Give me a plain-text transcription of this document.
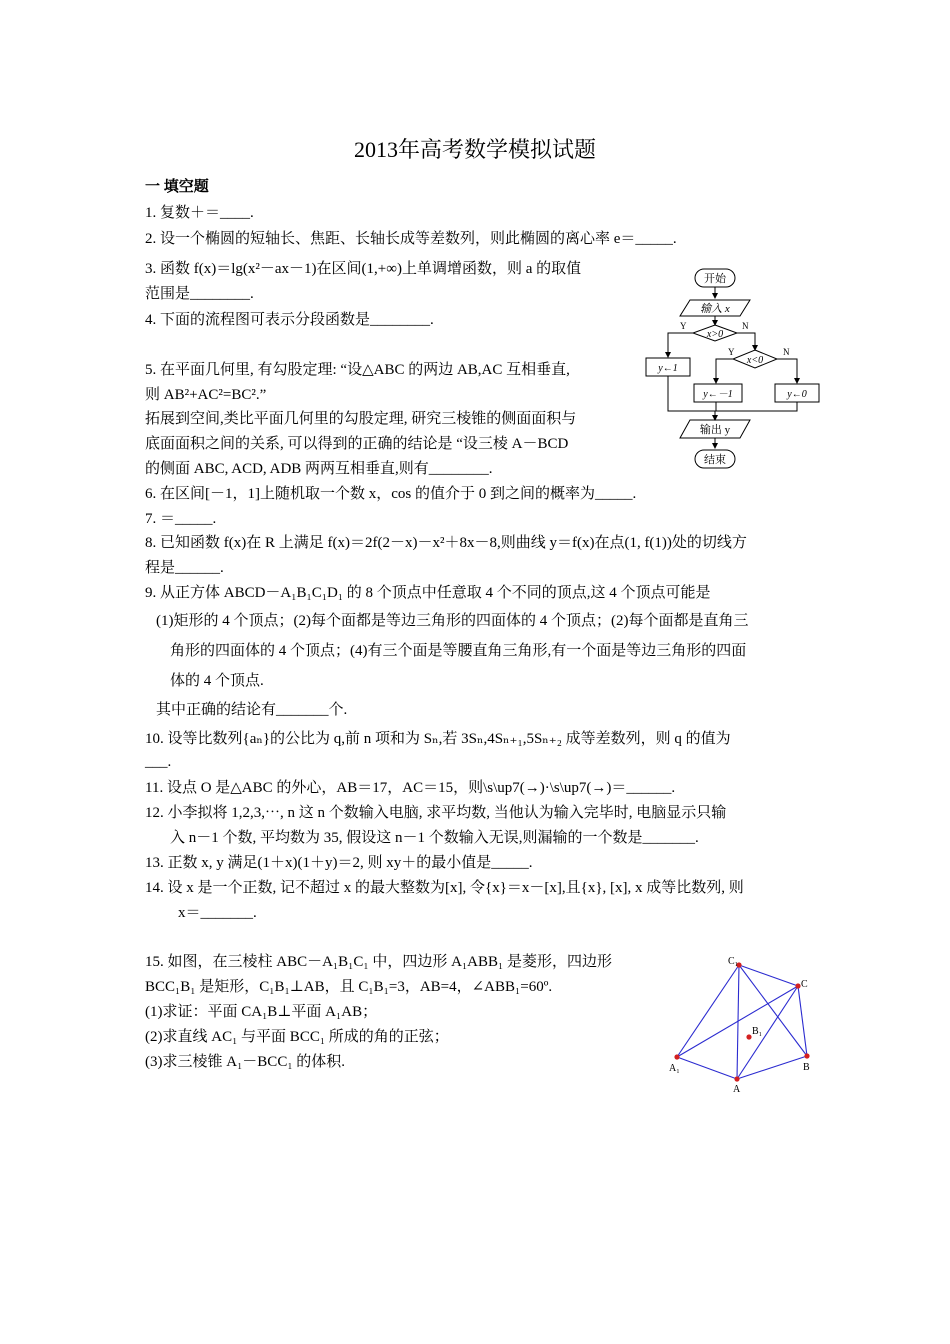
2013年高考数学模拟试题
一 填空题
1. 复数＋＝____.
2. 设一个椭圆的短轴长、焦距、长轴长成等差数列，则此椭圆的离心率 e＝_____.
3. 函数 f(x)＝lg(x²－ax－1)在区间(1,+∞)上单调增函数，则 a 的取值
范围是________.
4. 下面的流程图可表示分段函数是________.
5. 在平面几何里, 有勾股定理: “设△ABC 的两边 AB,AC 互相垂直,
则 AB²+AC²=BC².”
拓展到空间,类比平面几何里的勾股定理, 研究三棱锥的侧面面积与
底面面积之间的关系, 可以得到的正确的结论是 “设三棱 A－BCD
的侧面 ABC, ACD, ADB 两两互相垂直,则有________.
6. 在区间[－1，1]上随机取一个数 x，cos 的值介于 0 到之间的概率为_____.
7. ＝_____.
8. 已知函数 f(x)在 R 上满足 f(x)＝2f(2－x)－x²＋8x－8,则曲线 y＝f(x)在点(1, f(1))处的切线方
程是______.
9. 从正方体 ABCD－A₁B₁C₁D₁ 的 8 个顶点中任意取 4 个不同的顶点,这 4 个顶点可能是
(1)矩形的 4 个顶点；(2)每个面都是等边三角形的四面体的 4 个顶点；(2)每个面都是直角三
角形的四面体的 4 个顶点；(4)有三个面是等腰直角三角形,有一个面是等边三角形的四面
体的 4 个顶点.
其中正确的结论有_______个.
10. 设等比数列{aₙ}的公比为 q,前 n 项和为 Sₙ,若 3Sₙ,4Sₙ₊₁,5Sₙ₊₂ 成等差数列，则 q 的值为
___.
11. 设点 O 是△ABC 的外心，AB＝17，AC＝15，则\s\up7(→)·\s\up7(→)＝______.
12. 小李拟将 1,2,3,⋯, n 这 n 个数输入电脑, 求平均数, 当他认为输入完毕时, 电脑显示只输
入 n－1 个数, 平均数为 35, 假设这 n－1 个数输入无误,则漏输的一个数是_______.
13. 正数 x, y 满足(1＋x)(1＋y)＝2, 则 xy＋的最小值是_____.
14. 设 x 是一个正数, 记不超过 x 的最大整数为[x], 令{x}＝x－[x],且{x}, [x], x 成等比数列, 则
x＝_______.
15. 如图，在三棱柱 ABC－A₁B₁C₁ 中，四边形 A₁ABB₁ 是菱形，四边形
BCC₁B₁ 是矩形，C₁B₁⊥AB，且 C₁B₁=3，AB=4，∠ABB₁=60º.
(1)求证：平面 CA₁B⊥平面 A₁AB；
(2)求直线 AC₁ 与平面 BCC₁ 所成的角的正弦；
(3)求三棱锥 A₁－BCC₁ 的体积.
开始
输入 x
x>0
Y	N
x<0
Y	N
y←1
y←－1	y←0
输出 y
结束
C₁
C
B₁
A₁
A
B
